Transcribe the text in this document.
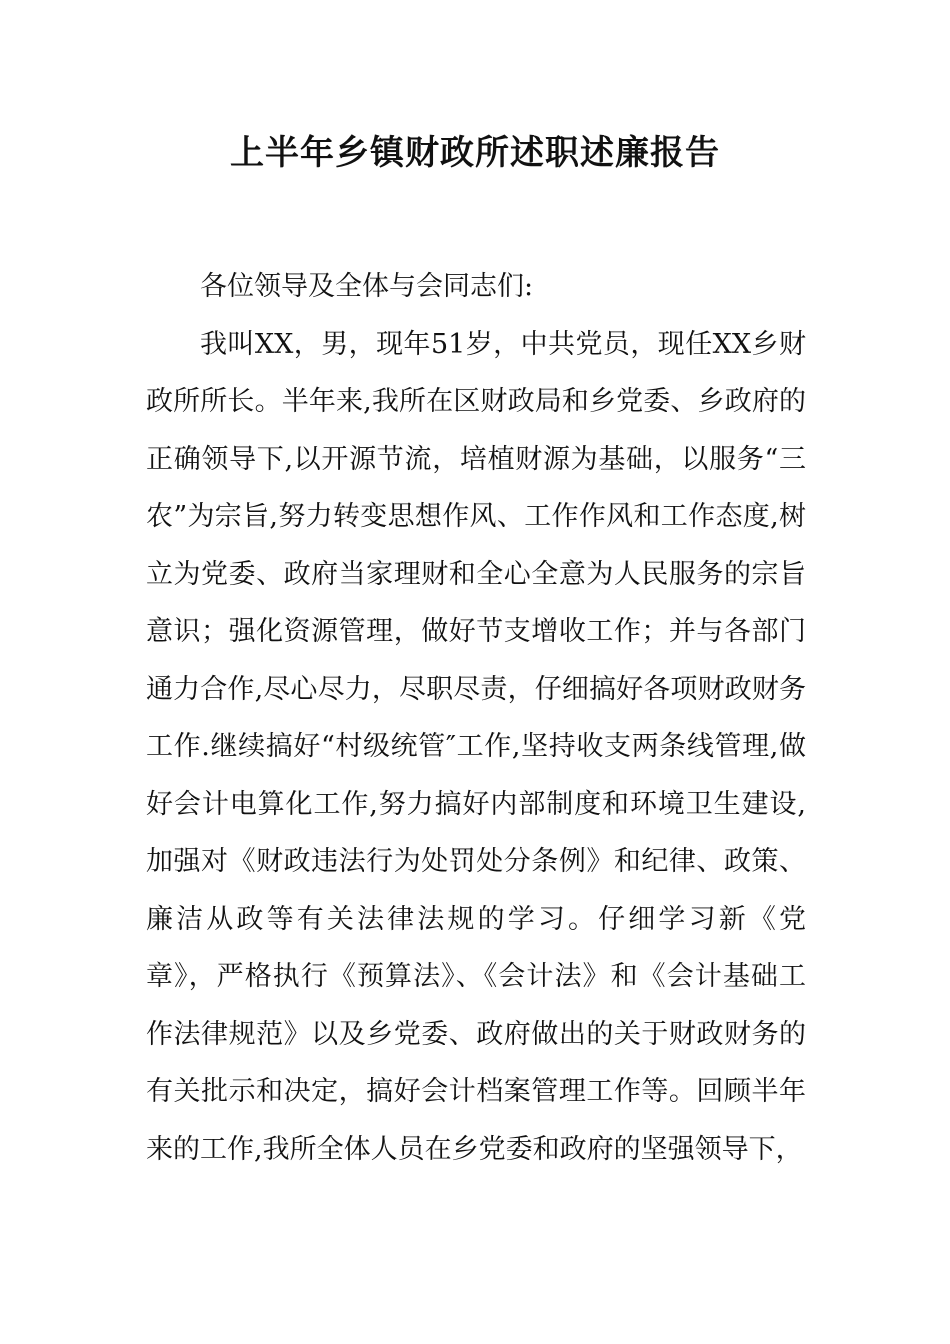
上半年乡镇财政所述职述廉报告

各位领导及全体与会同志们:

我叫XX，男，现年51岁，中共党员，现任XX乡财政所所长。半年来,我所在区财政局和乡党委、乡政府的正确领导下,以开源节流，培植财源为基础，以服务“三农”为宗旨,努力转变思想作风、工作作风和工作态度,树立为党委、政府当家理财和全心全意为人民服务的宗旨意识；强化资源管理，做好节支增收工作；并与各部门通力合作,尽心尽力，尽职尽责，仔细搞好各项财政财务工作.继续搞好“村级统管″工作,坚持收支两条线管理,做好会计电算化工作,努力搞好内部制度和环境卫生建设,加强对《财政违法行为处罚处分条例》和纪律、政策、廉洁从政等有关法律法规的学习。仔细学习新《党章》，严格执行《预算法》、《会计法》和《会计基础工作法律规范》以及乡党委、政府做出的关于财政财务的有关批示和决定，搞好会计档案管理工作等。回顾半年来的工作,我所全体人员在乡党委和政府的坚强领导下，
